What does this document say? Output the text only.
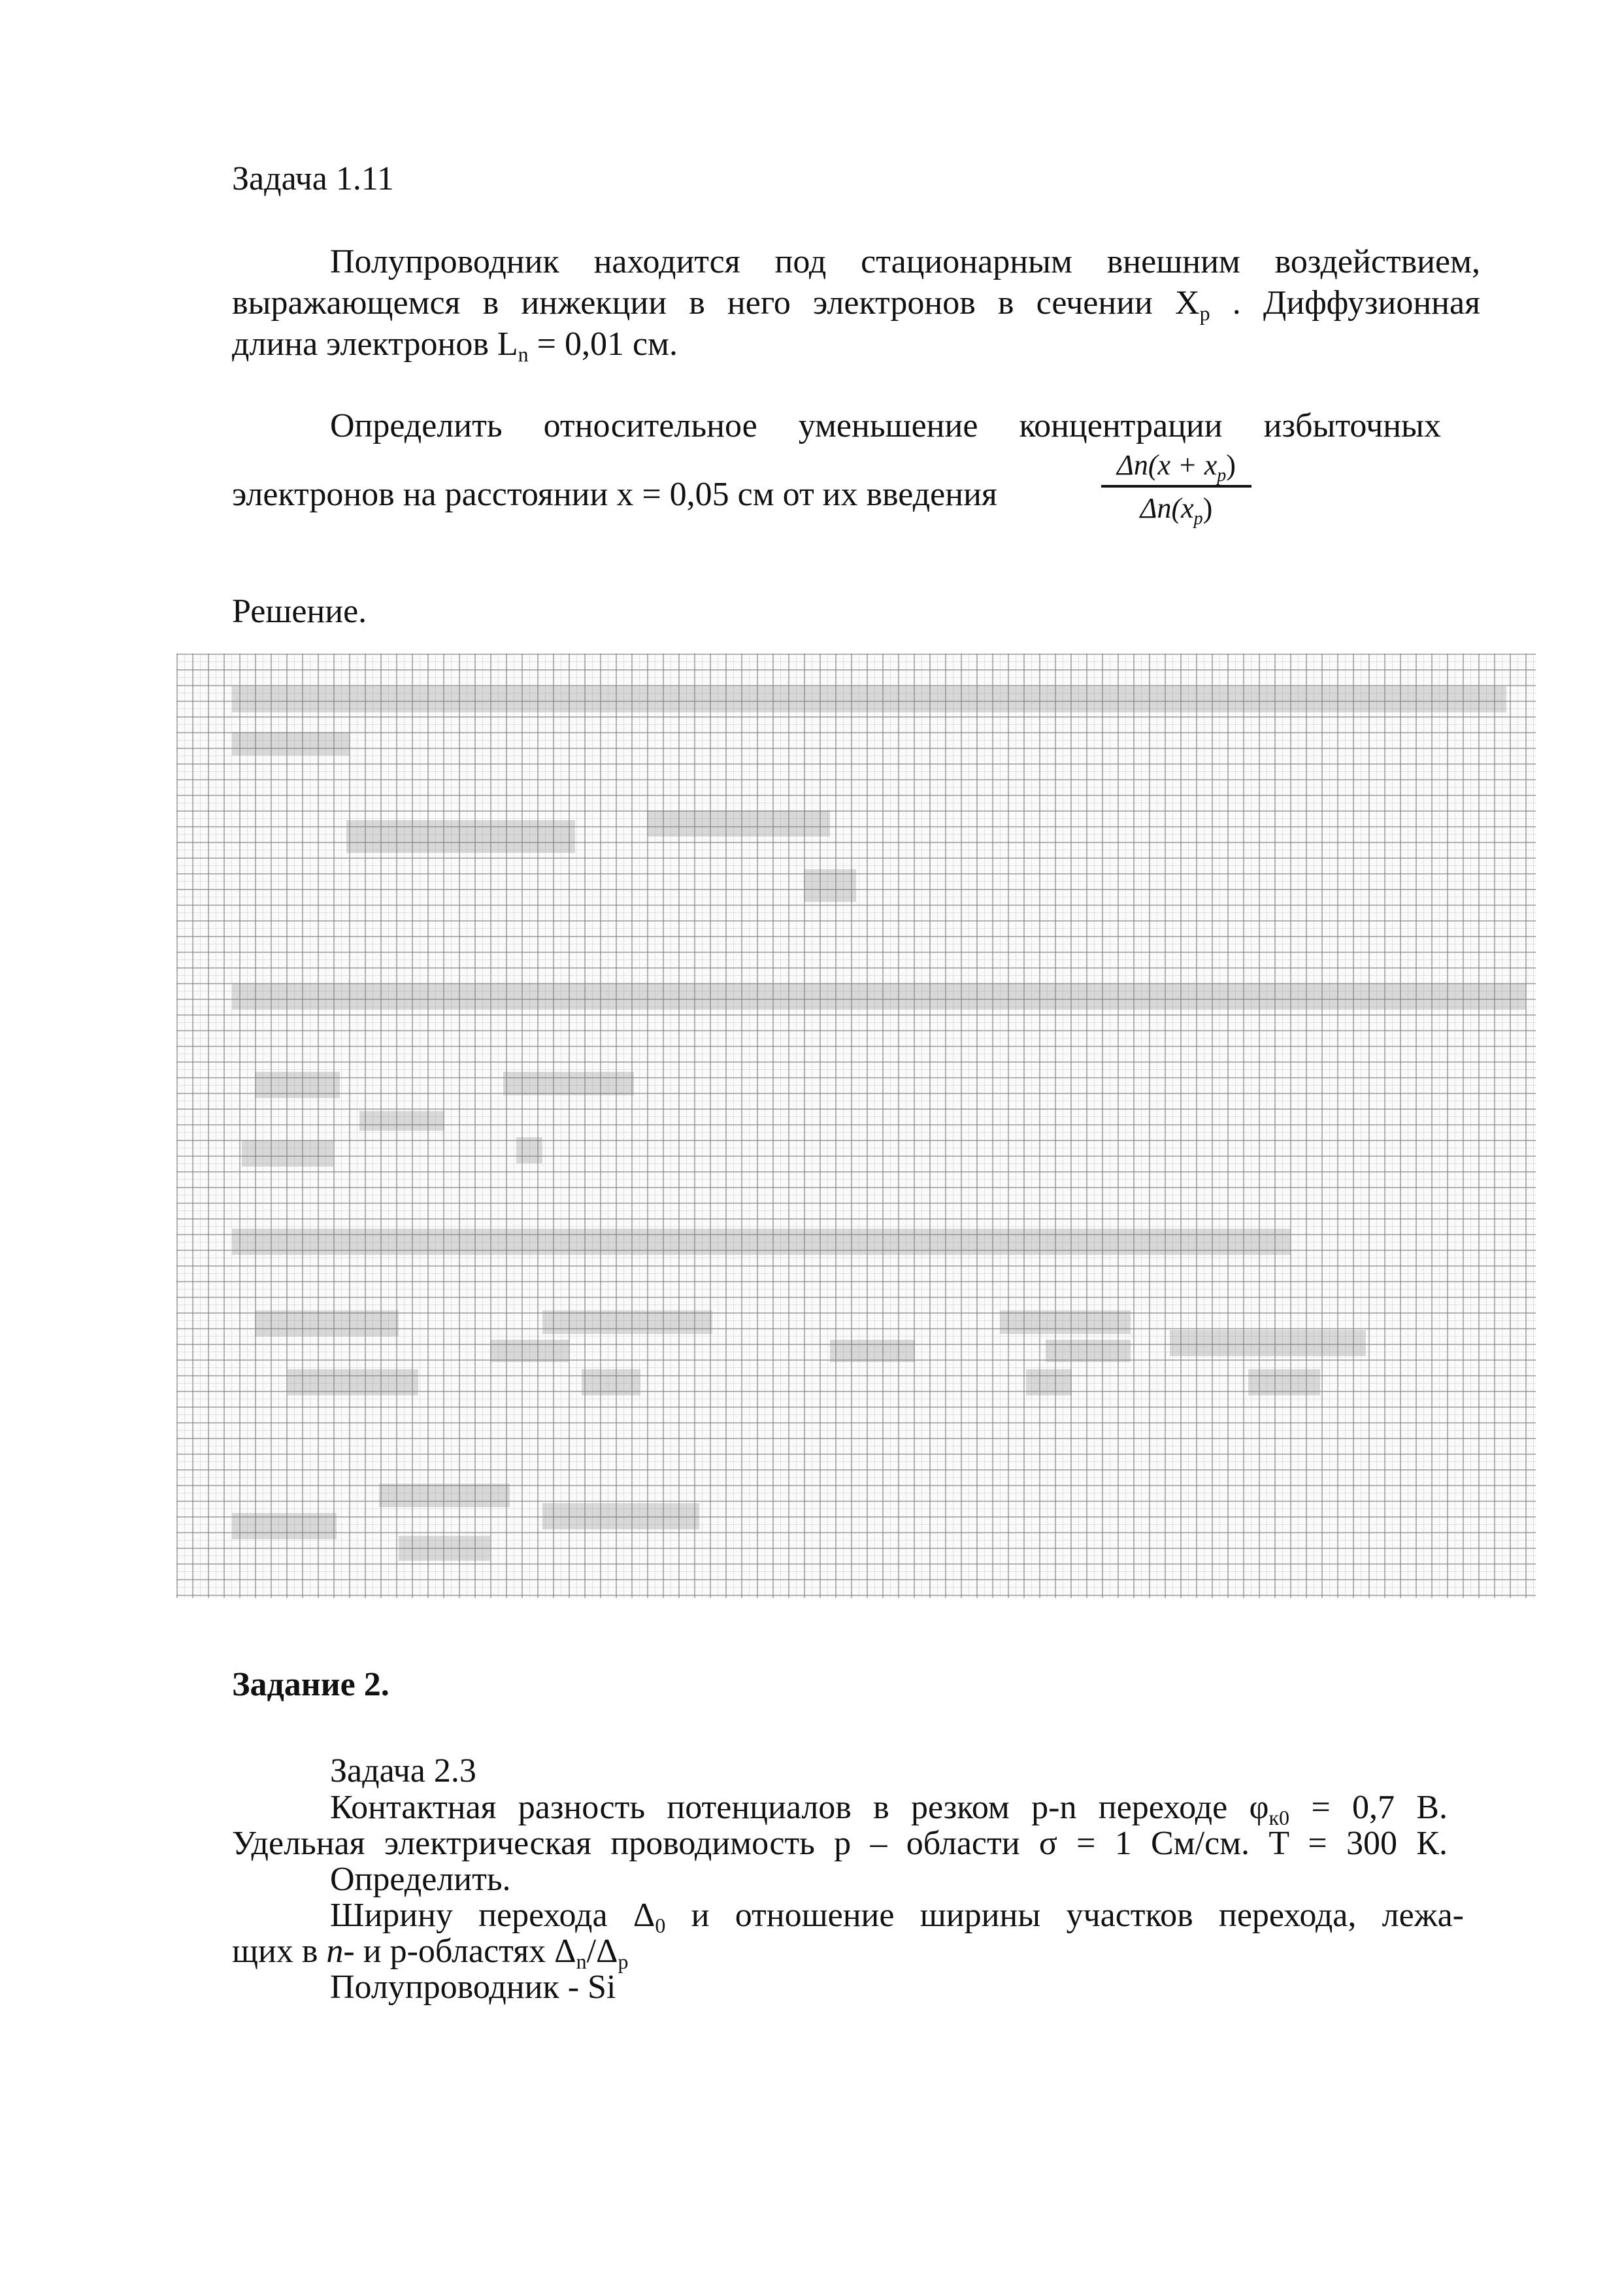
Задача 1.11
Полупроводник находится под стационарным внешним воздействием,
выражающемся в инжекции в него электронов в сечении $X_p$ . Диффузионная
длина электронов $L_n = 0,01$ см.
Определить относительное уменьшение концентрации избыточных
электронов на расстоянии x = 0,05 см от их введения
$\Delta n(x + x_p)$
$\Delta n(x_p)$
Решение.
Задание 2.
Задача 2.3
Контактная разность потенциалов в резком p-n переходе $\varphi_{к0} = 0,7$ В.
Удельная электрическая проводимость p – области σ = 1 См/см. T = 300 К.
Определить.
Ширину перехода $\Delta_0$ и отношение ширины участков перехода, лежа-
щих в n- и p-областях $\Delta_n/\Delta_p$
Полупроводник - Si
